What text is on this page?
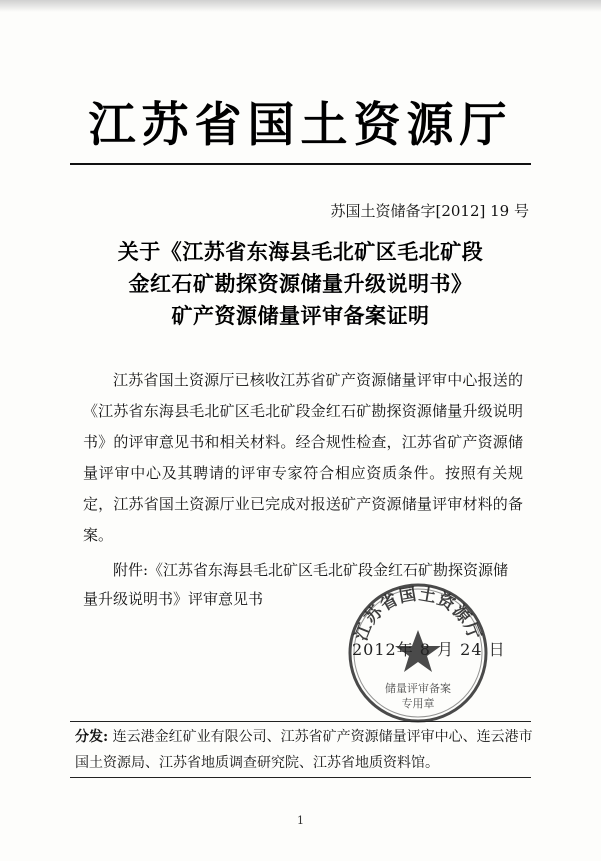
江苏省国土资源厅
苏国土资储备字[2012] 19 号
关于《江苏省东海县毛北矿区毛北矿段
金红石矿勘探资源储量升级说明书》
矿产资源储量评审备案证明

江苏省国土资源厅已核收江苏省矿产资源储量评审中心报送的《江苏省东海县毛北矿区毛北矿段金红石矿勘探资源储量升级说明书》的评审意见书和相关材料。经合规性检查，江苏省矿产资源储量评审中心及其聘请的评审专家符合相应资质条件。按照有关规定，江苏省国土资源厅业已完成对报送矿产资源储量评审材料的备案。

附件:《江苏省东海县毛北矿区毛北矿段金红石矿勘探资源储量升级说明书》评审意见书

江苏省国土资源厅
储量评审备案
专用章
2012年 8 月 24 日
分发: 连云港金红矿业有限公司、江苏省矿产资源储量评审中心、连云港市国土资源局、江苏省地质调查研究院、江苏省地质资料馆。
1
